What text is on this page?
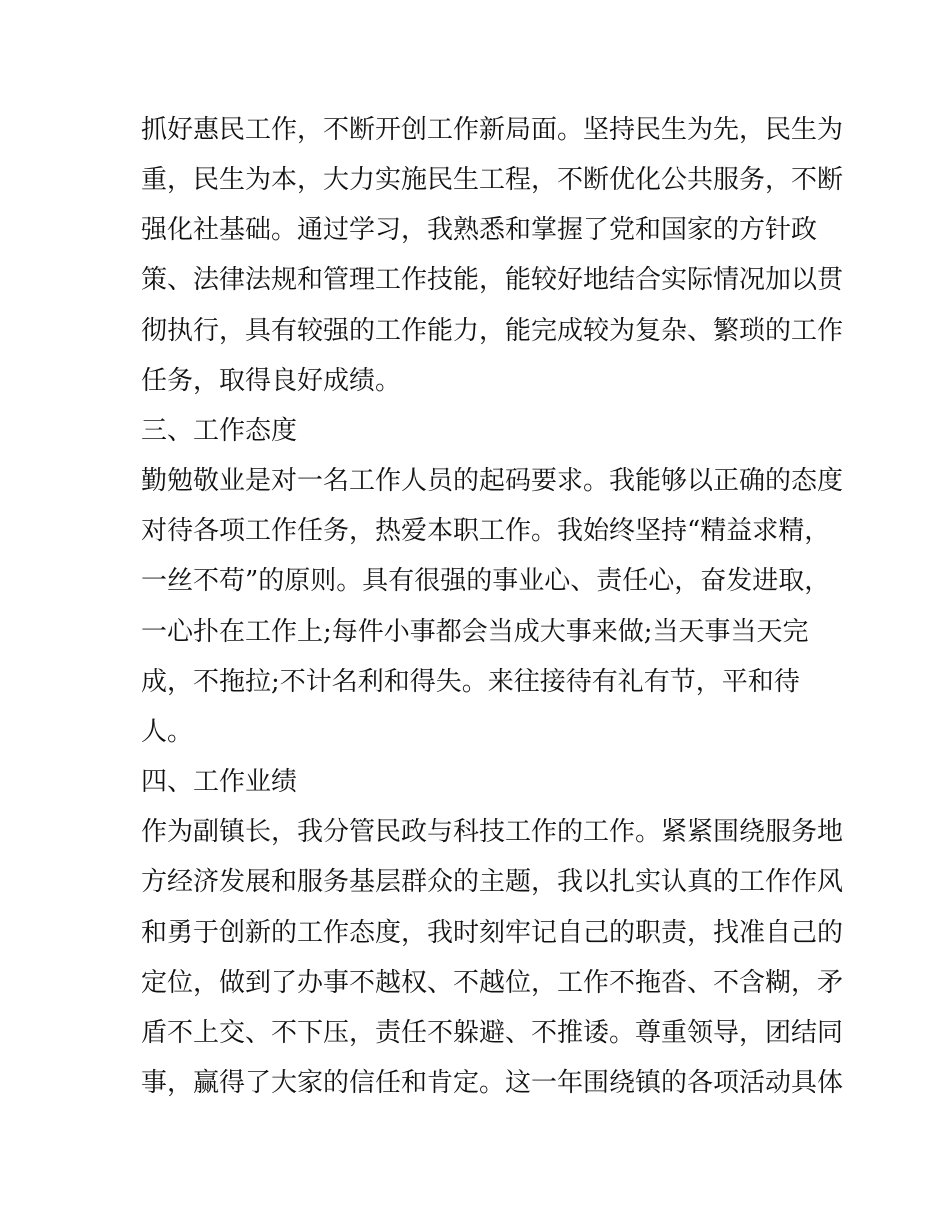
抓好惠民工作，不断开创工作新局面。坚持民生为先，民生为
重，民生为本，大力实施民生工程，不断优化公共服务，不断
强化社基础。通过学习，我熟悉和掌握了党和国家的方针政
策、法律法规和管理工作技能，能较好地结合实际情况加以贯
彻执行，具有较强的工作能力，能完成较为复杂、繁琐的工作
任务，取得良好成绩。
三、工作态度
勤勉敬业是对一名工作人员的起码要求。我能够以正确的态度
对待各项工作任务，热爱本职工作。我始终坚持“精益求精，
一丝不苟”的原则。具有很强的事业心、责任心，奋发进取，
一心扑在工作上;每件小事都会当成大事来做;当天事当天完
成，不拖拉;不计名利和得失。来往接待有礼有节，平和待
人。
四、工作业绩
作为副镇长，我分管民政与科技工作的工作。紧紧围绕服务地
方经济发展和服务基层群众的主题，我以扎实认真的工作作风
和勇于创新的工作态度，我时刻牢记自己的职责，找准自己的
定位，做到了办事不越权、不越位，工作不拖沓、不含糊，矛
盾不上交、不下压，责任不躲避、不推诿。尊重领导，团结同
事，赢得了大家的信任和肯定。这一年围绕镇的各项活动具体
